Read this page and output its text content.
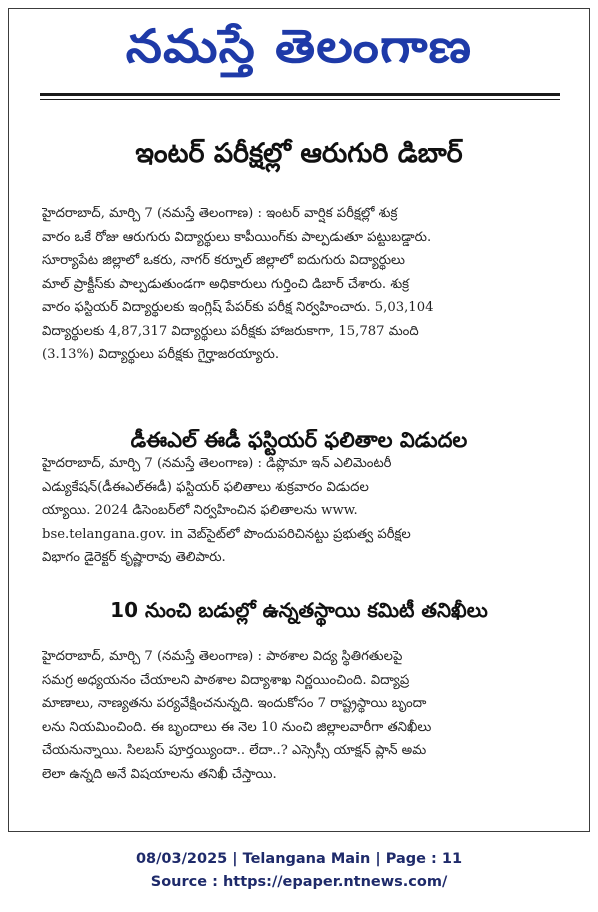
నమస్తే తెలంగాణ
ఇంటర్ పరీక్షల్లో ఆరుగురి డిబార్
హైదరాబాద్, మార్చి 7 (నమస్తే తెలంగాణ) : ఇంటర్ వార్షిక పరీక్షల్లో శుక్ర
వారం ఒకే రోజు ఆరుగురు విద్యార్థులు కాపీయింగ్‌కు పాల్పడుతూ పట్టుబడ్డారు.
సూర్యాపేట జిల్లాలో ఒకరు, నాగర్ కర్నూల్ జిల్లాలో ఐదుగురు విద్యార్థులు
మాల్ ప్రాక్టీస్‌కు పాల్పడుతుండగా అధికారులు గుర్తించి డిబార్ చేశారు. శుక్ర
వారం ఫస్టియర్ విద్యార్థులకు ఇంగ్లిష్ పేపర్‌కు పరీక్ష నిర్వహించారు. 5,03,104
విద్యార్థులకు 4,87,317 విద్యార్థులు పరీక్షకు హాజరుకాగా, 15,787 మంది
(3.13%) విద్యార్థులు పరీక్షకు గైర్హాజరయ్యారు.
డీఈఎల్ ఈడీ ఫస్టియర్ ఫలితాల విడుదల
హైదరాబాద్, మార్చి 7 (నమస్తే తెలంగాణ) : డిప్లొమా ఇన్ ఎలిమెంటరీ
ఎడ్యుకేషన్(డీఈఎల్ఈడీ) ఫస్టియర్ ఫలితాలు శుక్రవారం విడుదల
య్యాయి. 2024 డిసెంబర్‌లో నిర్వహించిన ఫలితాలను www.
bse.telangana.gov. in వెబ్‌సైట్‌లో పొందుపరిచినట్టు ప్రభుత్వ పరీక్షల
విభాగం డైరెక్టర్ కృష్ణారావు తెలిపారు.
10 నుంచి బడుల్లో ఉన్నతస్థాయి కమిటీ తనిఖీలు
హైదరాబాద్, మార్చి 7 (నమస్తే తెలంగాణ) : పాఠశాల విద్య స్థితిగతులపై
సమగ్ర అధ్యయనం చేయాలని పాఠశాల విద్యాశాఖ నిర్ణయించింది. విద్యాప్ర
మాణాలు, నాణ్యతను పర్యవేక్షించనున్నది. ఇందుకోసం 7 రాష్ట్రస్థాయి బృందా
లను నియమించింది. ఈ బృందాలు ఈ నెల 10 నుంచి జిల్లాలవారీగా తనిఖీలు
చేయనున్నాయి. సిలబస్ పూర్తయ్యిందా.. లేదా..? ఎస్సెస్సీ యాక్షన్ ప్లాన్ అమ
లెలా ఉన్నది అనే విషయాలను తనిఖీ చేస్తాయి.
08/03/2025 | Telangana Main | Page : 11
Source : https://epaper.ntnews.com/
